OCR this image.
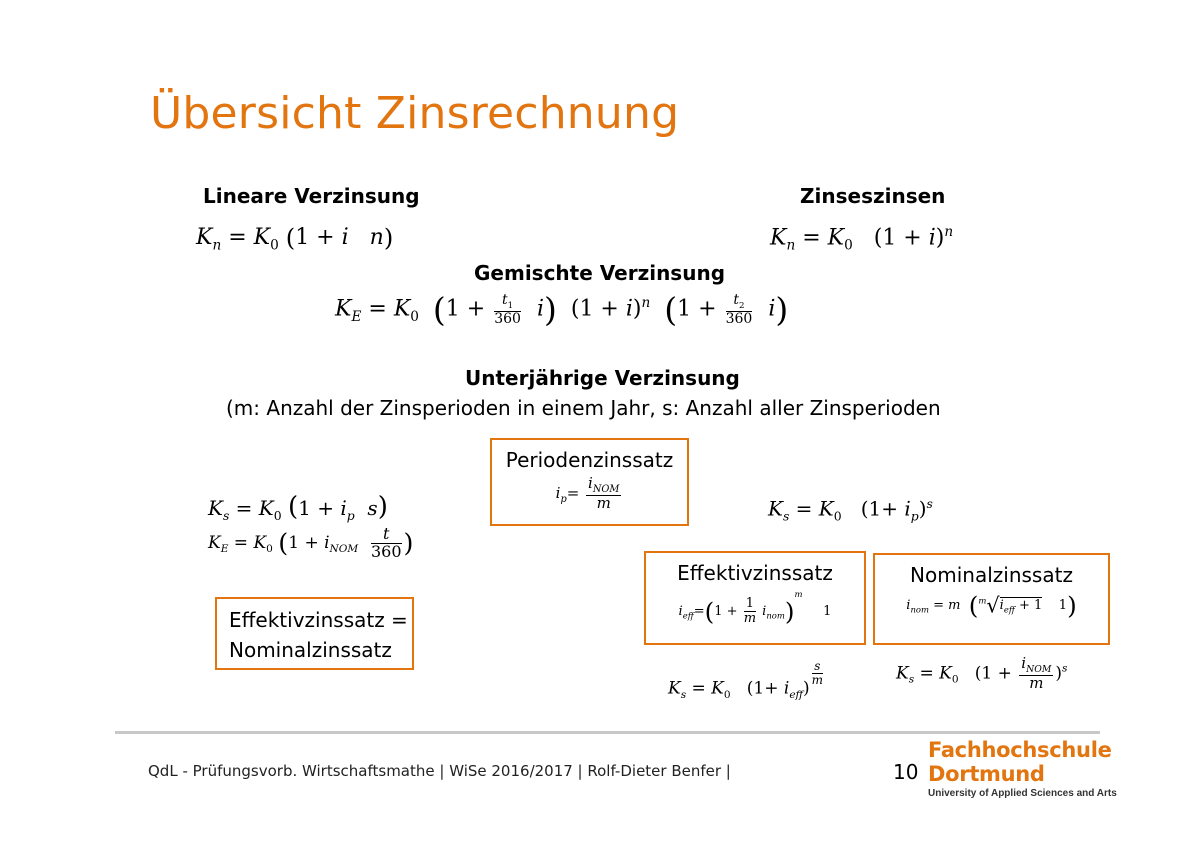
Übersicht Zinsrechnung
Lineare Verzinsung
$K_n = K_0$ (1 + i n)
Zinseszinsen
$K_n = K_0$   $(1 + i)^n$
Gemischte Verzinsung
$K_E = K_0$ $(1 + \frac{t_1}{360} i)$  $(1 + i)^n$ $(1 + \frac{t_2}{360} i)$
Unterjährige Verzinsung
(m: Anzahl der Zinsperioden in einem Jahr, s: Anzahl aller Zinsperioden
$K_s = K_0$ ($1 + i_p$ s)
$K_E = K_0$ ($1 + i_{NOM} \frac{t}{360}$ )
Periodenzinssatz
$i_p= \frac{i_{NOM}}{m}$	$K_s = K_0$   $(1+ i_p)^s$
Effektivzinssatz =
Nominalzinssatz
Effektivzinssatz
$i_{eff}=(1 + \frac{1}{m} i_{nom})^m$     1
Nominalzinssatz
$i_{nom} = m$ ($^m√i_{eff} + 1$    1)
$K_s = K_0$   $(1+ i_{eff})$
$\frac{s}{m}$	$K_s = K_0$   $(1 + \frac{i_{NOM}}{m} )^s$
QdL - Prüfungsvorb. Wirtschaftsmathe | WiSe 2016/2017 | Rolf-Dieter Benfer |	10
Fachhochschule
Dortmund
University of Applied Sciences and Arts
